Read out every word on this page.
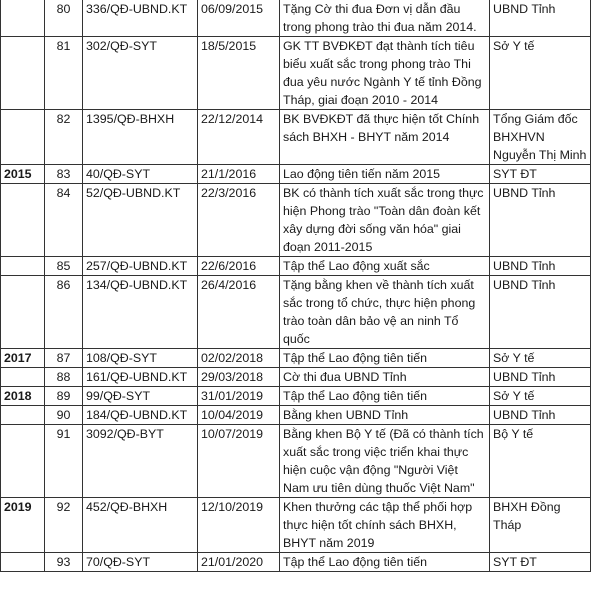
	80	336/QĐ-UBND.KT	06/09/2015	Tặng Cờ thi đua Đơn vị dẫn đầu trong phong trào thi đua năm 2014.	UBND Tỉnh
	81	302/QĐ-SYT	18/5/2015	GK TT BVĐKĐT đạt thành tích tiêu biểu xuất sắc trong phong trào Thi đua yêu nước Ngành Y tế tỉnh Đồng Tháp, giai đoạn 2010 - 2014	Sở Y tế
	82	1395/QĐ-BHXH	22/12/2014	BK BVĐKĐT đã thực hiện tốt Chính sách BHXH - BHYT năm 2014	Tổng Giám đốc BHXHVN Nguyễn Thị Minh
2015	83	40/QĐ-SYT	21/1/2016	Lao động tiên tiến năm 2015	SYT ĐT
	84	52/QĐ-UBND.KT	22/3/2016	BK có thành tích xuất sắc trong thực hiện Phong trào "Toàn dân đoàn kết xây dựng đời sống văn hóa" giai đoạn 2011-2015	UBND Tỉnh
	85	257/QĐ-UBND.KT	22/6/2016	Tập thể Lao động xuất sắc	UBND Tỉnh
	86	134/QĐ-UBND.KT	26/4/2016	Tặng bằng khen về thành tích xuất sắc trong tổ chức, thực hiện phong trào toàn dân bảo vệ an ninh Tổ quốc	UBND Tỉnh
2017	87	108/QĐ-SYT	02/02/2018	Tập thể Lao động tiên tiến	Sở Y tế
	88	161/QĐ-UBND.KT	29/03/2018	Cờ thi đua UBND Tỉnh	UBND Tỉnh
2018	89	99/QĐ-SYT	31/01/2019	Tập thể Lao động tiên tiến	Sở Y tế
	90	184/QĐ-UBND.KT	10/04/2019	Bằng khen UBND Tỉnh	UBND Tỉnh
	91	3092/QĐ-BYT	10/07/2019	Bằng khen Bộ Y tế (Đã có thành tích xuất sắc trong việc triển khai thực hiện cuộc vận động "Người Việt Nam ưu tiên dùng thuốc Việt Nam"	Bộ Y tế
2019	92	452/QĐ-BHXH	12/10/2019	Khen thưởng các tập thể phối hợp thực hiện tốt chính sách BHXH, BHYT năm 2019	BHXH Đồng Tháp
	93	70/QĐ-SYT	21/01/2020	Tập thể Lao động tiên tiến	SYT ĐT
